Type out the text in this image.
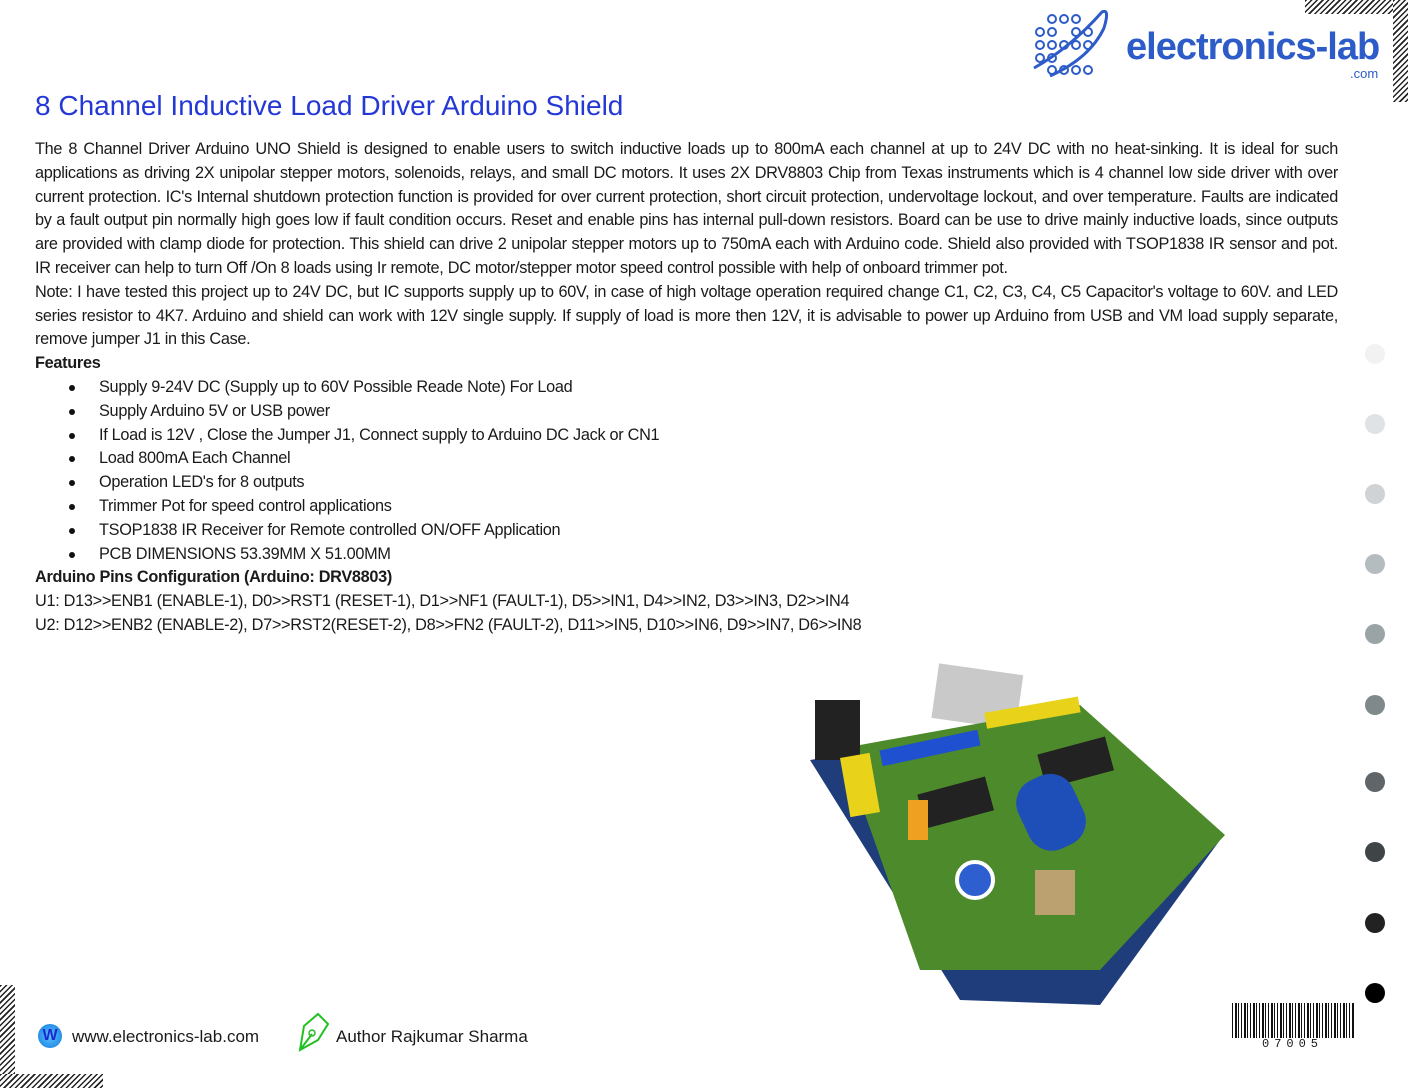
electronics-lab
.com
8 Channel Inductive Load Driver Arduino Shield

The 8 Channel Driver Arduino UNO Shield is designed to enable users to switch inductive loads up to 800mA each channel at up to 24V DC with no heat-sinking. It is ideal for such applications as driving 2X unipolar stepper motors, solenoids, relays, and small DC motors. It uses 2X DRV8803 Chip from Texas instruments which is 4 channel low side driver with over current protection. IC's Internal shutdown protection function is provided for over current protection, short circuit protection, undervoltage lockout, and over temperature. Faults are indicated by a fault output pin normally high goes low if fault condition occurs. Reset and enable pins has internal pull-down resistors. Board can be use to drive mainly inductive loads, since outputs are provided with clamp diode for protection. This shield can drive 2 unipolar stepper motors up to 750mA each with Arduino code. Shield also provided with TSOP1838 IR sensor and pot. IR receiver can help to turn Off /On 8 loads using Ir remote, DC motor/stepper motor speed control possible with help of onboard trimmer pot.

Note: I have tested this project up to 24V DC, but IC supports supply up to 60V, in case of high voltage operation required change C1, C2, C3, C4, C5 Capacitor's voltage to 60V. and LED series resistor to 4K7. Arduino and shield can work with 12V single supply. If supply of load is more then 12V, it is advisable to power up Arduino from USB and VM load supply separate, remove jumper J1 in this Case.

Features

Supply 9-24V DC (Supply up to 60V Possible Reade Note) For Load
Supply Arduino 5V or USB power
If Load is 12V , Close the Jumper J1, Connect supply to Arduino DC Jack or CN1
Load 800mA Each Channel
Operation LED's for 8 outputs
Trimmer Pot for speed control applications
TSOP1838 IR Receiver for Remote controlled ON/OFF Application
PCB DIMENSIONS 53.39MM X 51.00MM

Arduino Pins Configuration (Arduino: DRV8803)

U1: D13>>ENB1 (ENABLE-1), D0>>RST1 (RESET-1), D1>>NF1 (FAULT-1), D5>>IN1, D4>>IN2, D3>>IN3, D2>>IN4

U2: D12>>ENB2 (ENABLE-2), D7>>RST2(RESET-2), D8>>FN2 (FAULT-2), D11>>IN5, D10>>IN6, D9>>IN7, D6>>IN8

W www.electronics-lab.com	Author Rajkumar Sharma	07005
